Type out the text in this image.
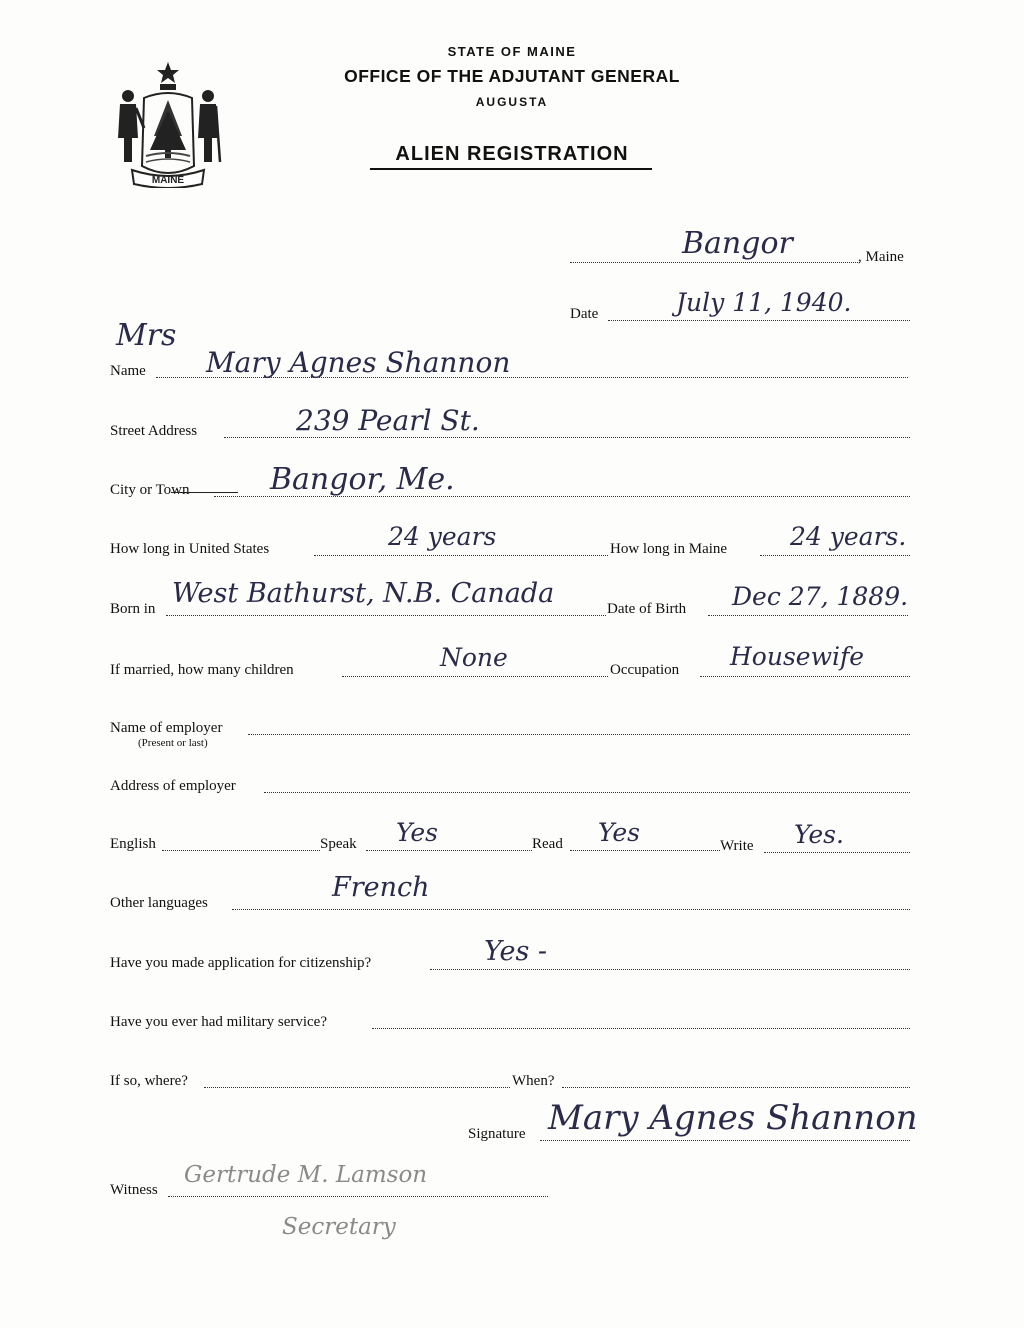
MAINE
STATE OF MAINE
OFFICE OF THE ADJUTANT GENERAL
AUGUSTA
ALIEN REGISTRATION
Bangor	, Maine
Date	July 11, 1940.
Mrs
Name Mary Agnes Shannon
Street Address	239 Pearl St.
City or Town	Bangor, Me.
How long in United States	24 years	How long in Maine	24 years.
Born in West Bathurst, N.B. Canada	Date of Birth Dec 27, 1889.
If married, how many children	None	Occupation Housewife
Name of employer
(Present or last)
Address of employer
English	Speak Yes	Read Yes	Write Yes.
Other languages	French
Have you made application for citizenship?	Yes -
Have you ever had military service?
If so, where?	When?
Signature Mary Agnes Shannon
Witness
Gertrude M. Lamson
Secretary
